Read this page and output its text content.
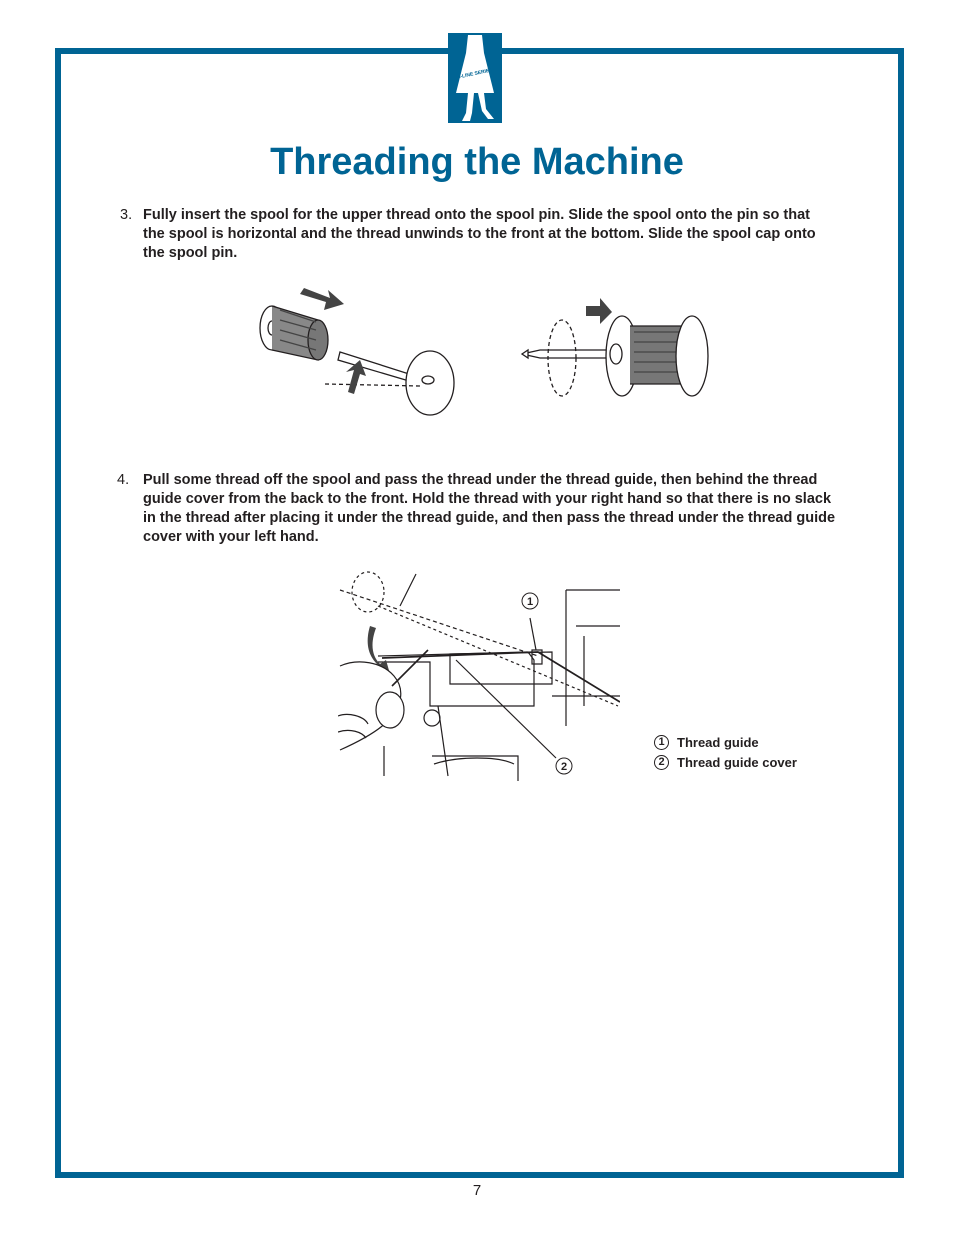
A-LINE SERIES
Threading the Machine
3. Fully insert the spool for the upper thread onto the spool pin. Slide the spool onto the pin so that the spool is horizontal and the thread unwinds to the front at the bottom. Slide the spool cap onto the spool pin.
4. Pull some thread off the spool and pass the thread under the thread guide, then behind the thread guide cover from the back to the front. Hold the thread with your right hand so that there is no slack in the thread after placing it under the thread guide, and then pass the thread under the thread guide cover with your left hand.
1
2
1 Thread guide
2 Thread guide cover
7
